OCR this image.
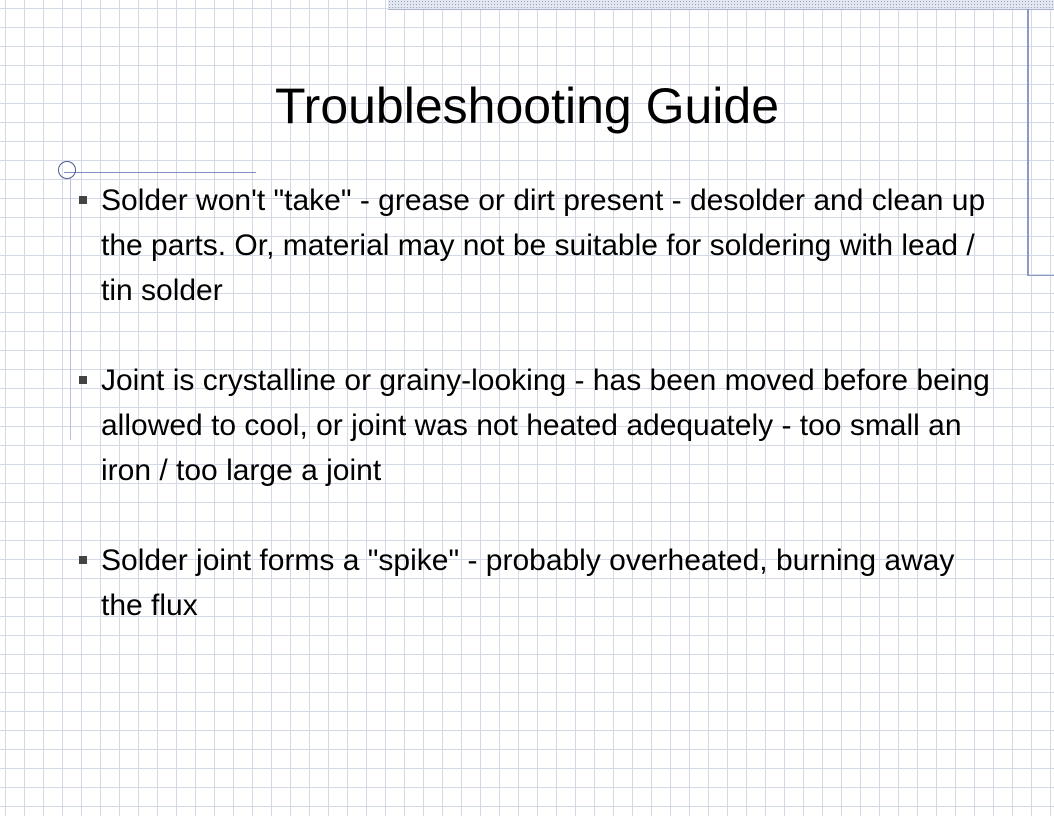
Troubleshooting Guide
Solder won't "take" - grease or dirt present - desolder and clean up the parts. Or, material may not be suitable for soldering with lead / tin solder
Joint is crystalline or grainy-looking - has been moved before being allowed to cool, or joint was not heated adequately - too small an iron / too large a joint
Solder joint forms a "spike" - probably overheated, burning away the flux
